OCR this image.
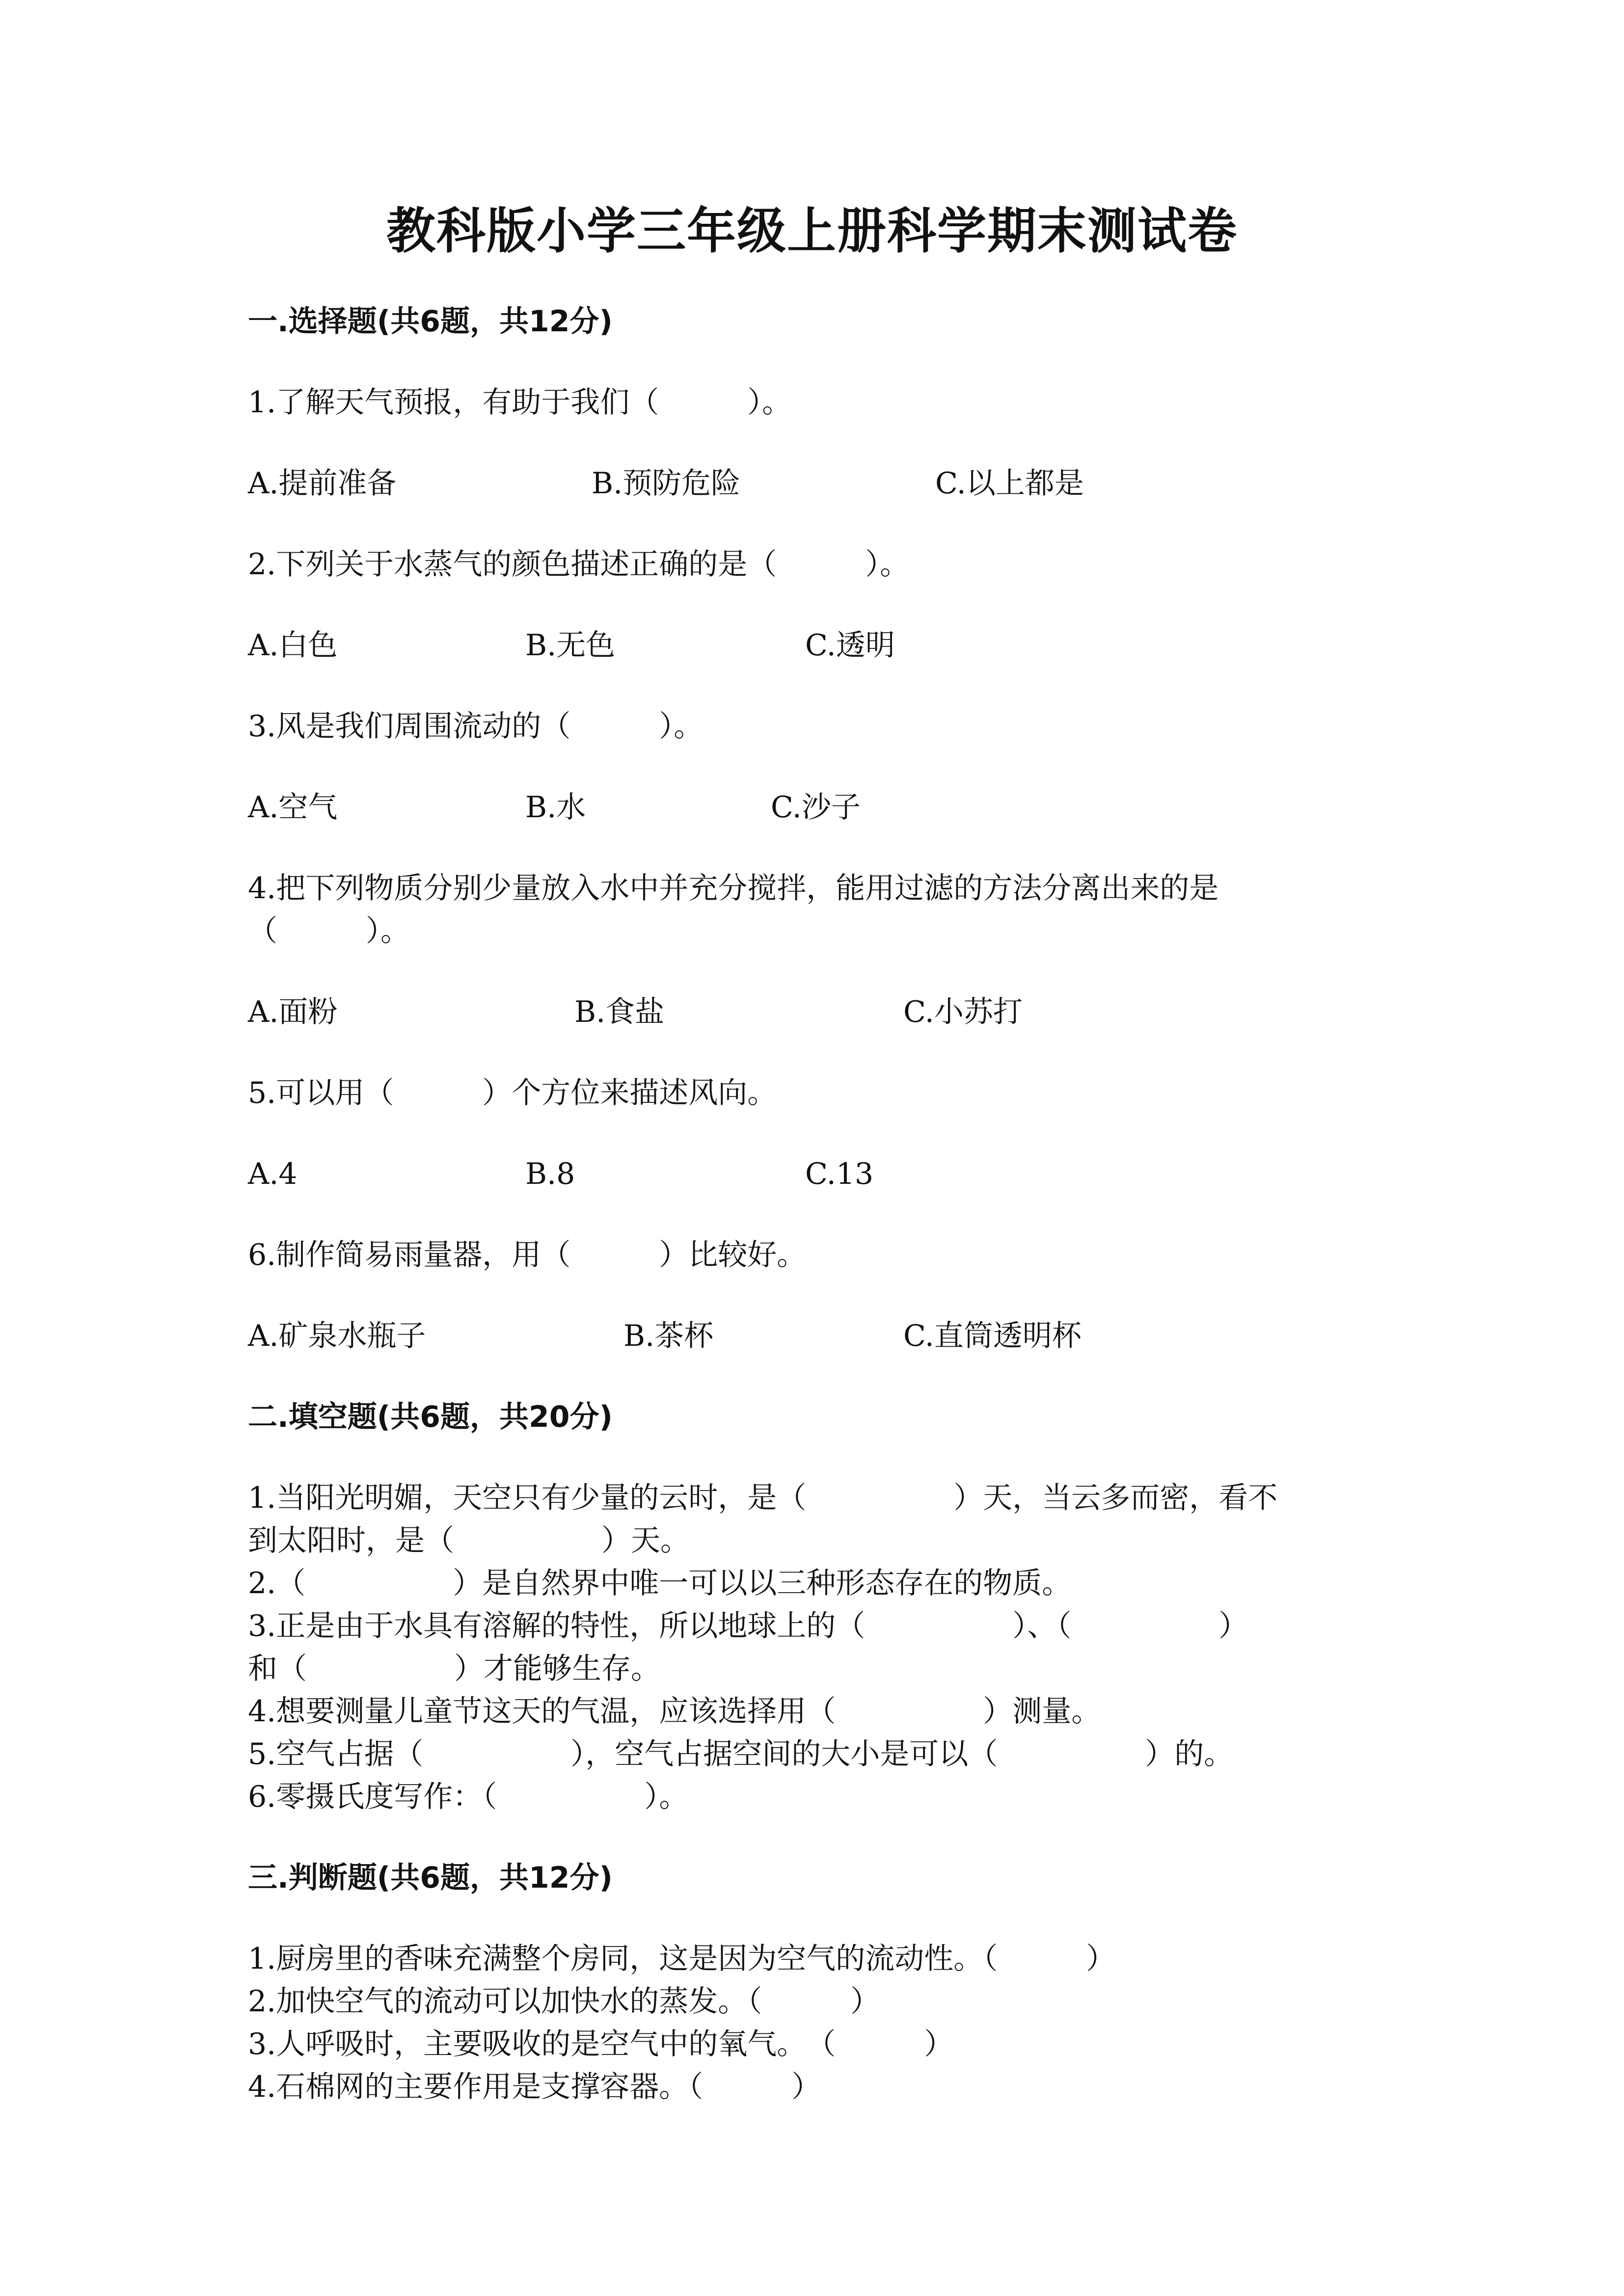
教科版小学三年级上册科学期末测试卷
一.选择题(共6题，共12分)
1.了解天气预报，有助于我们（　　　）。
A.提前准备	B.预防危险	C.以上都是
2.下列关于水蒸气的颜色描述正确的是（　　　）。
A.白色	B.无色	C.透明
3.风是我们周围流动的（　　　）。
A.空气	B.水	C.沙子
4.把下列物质分别少量放入水中并充分搅拌，能用过滤的方法分离出来的是
（　　　）。
A.面粉	B.食盐	C.小苏打
5.可以用（　　　）个方位来描述风向。
A.4	B.8	C.13
6.制作简易雨量器，用（　　　）比较好。
A.矿泉水瓶子	B.茶杯	C.直筒透明杯
二.填空题(共6题，共20分)
1.当阳光明媚，天空只有少量的云时，是（　　　　　）天，当云多而密，看不
到太阳时，是（　　　　　）天。
2.（　　　　　）是自然界中唯一可以以三种形态存在的物质。
3.正是由于水具有溶解的特性，所以地球上的（　　　　　）、（　　　　　）
和（　　　　　）才能够生存。
4.想要测量儿童节这天的气温，应该选择用（　　　　　）测量。
5.空气占据（　　　　　），空气占据空间的大小是可以（　　　　　）的。
6.零摄氏度写作：（　　　　　）。
三.判断题(共6题，共12分)
1.厨房里的香味充满整个房同，这是因为空气的流动性。（　　　）
2.加快空气的流动可以加快水的蒸发。（　　　）
3.人呼吸时，主要吸收的是空气中的氧气。　（　　　）
4.石棉网的主要作用是支撑容器。（　　　）
